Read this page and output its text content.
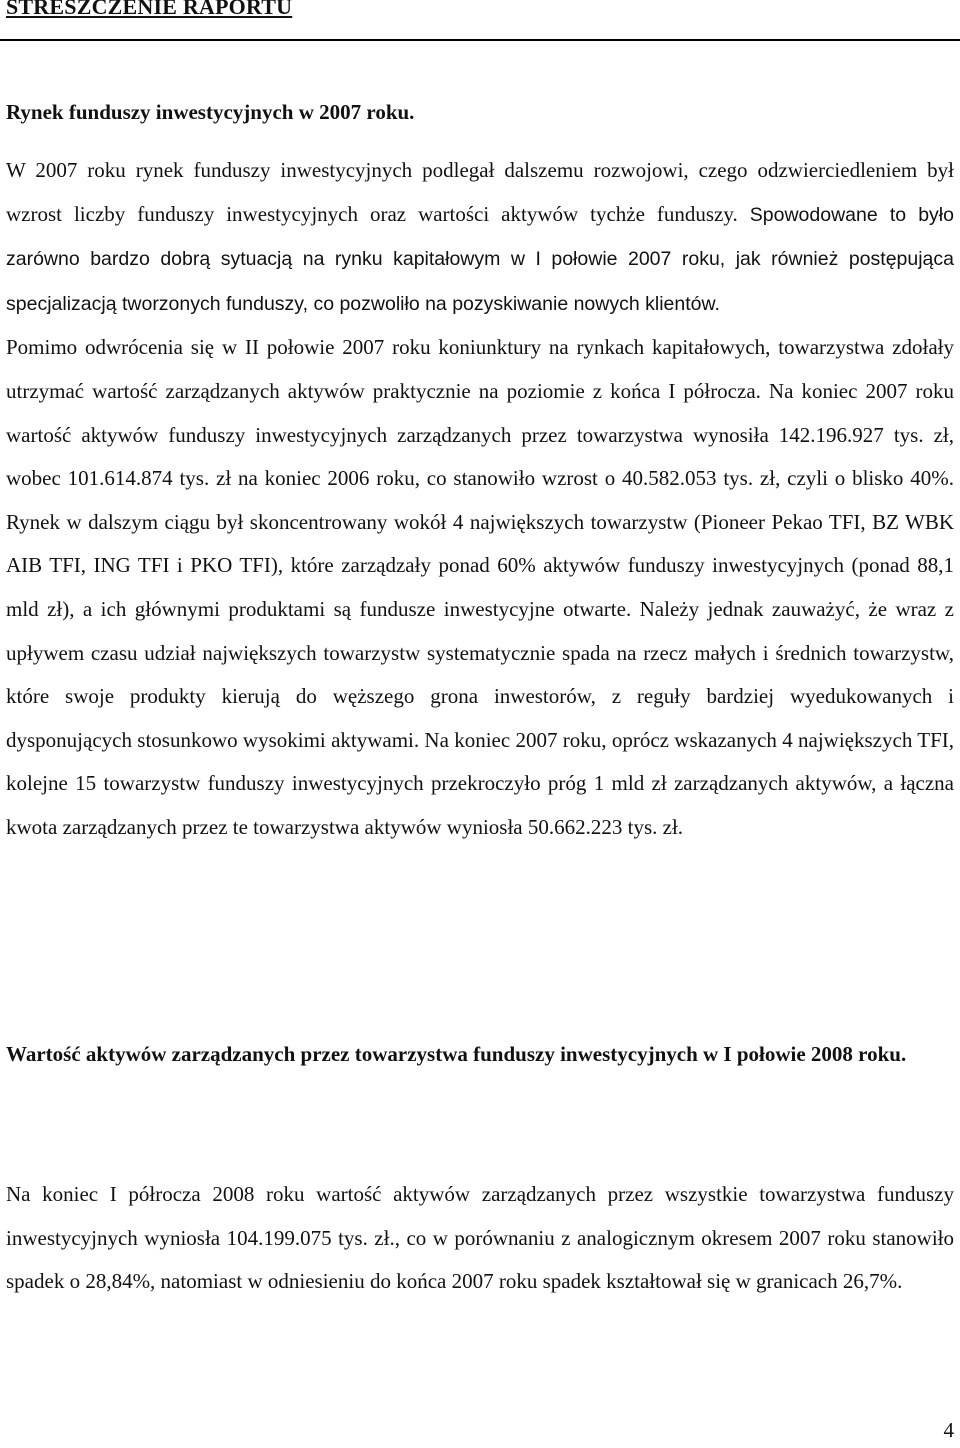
STRESZCZENIE RAPORTU
Rynek funduszy inwestycyjnych w 2007 roku.
W 2007 roku rynek funduszy inwestycyjnych podlegał dalszemu rozwojowi, czego odzwierciedleniem był wzrost liczby funduszy inwestycyjnych oraz wartości aktywów tychże funduszy. Spowodowane to było zarówno bardzo dobrą sytuacją na rynku kapitałowym w I połowie 2007 roku, jak również postępująca specjalizacją tworzonych funduszy, co pozwoliło na pozyskiwanie nowych klientów.
Pomimo odwrócenia się w II połowie 2007 roku koniunktury na rynkach kapitałowych, towarzystwa zdołały utrzymać wartość zarządzanych aktywów praktycznie na poziomie z końca I półrocza. Na koniec 2007 roku wartość aktywów funduszy inwestycyjnych zarządzanych przez towarzystwa wynosiła 142.196.927 tys. zł, wobec 101.614.874 tys. zł na koniec 2006 roku, co stanowiło wzrost o 40.582.053 tys. zł, czyli o blisko 40%. Rynek w dalszym ciągu był skoncentrowany wokół 4 największych towarzystw (Pioneer Pekao TFI, BZ WBK AIB TFI, ING TFI i PKO TFI), które zarządzały ponad 60% aktywów funduszy inwestycyjnych (ponad 88,1 mld zł), a ich głównymi produktami są fundusze inwestycyjne otwarte. Należy jednak zauważyć, że wraz z upływem czasu udział największych towarzystw systematycznie spada na rzecz małych i średnich towarzystw, które swoje produkty kierują do węższego grona inwestorów, z reguły bardziej wyedukowanych i dysponujących stosunkowo wysokimi aktywami. Na koniec 2007 roku, oprócz wskazanych 4 największych TFI, kolejne 15 towarzystw funduszy inwestycyjnych przekroczyło próg 1 mld zł zarządzanych aktywów, a łączna kwota zarządzanych przez te towarzystwa aktywów wyniosła 50.662.223 tys. zł.
Wartość aktywów zarządzanych przez towarzystwa funduszy inwestycyjnych w I połowie 2008 roku.

Na koniec I półrocza 2008 roku wartość aktywów zarządzanych przez wszystkie towarzystwa funduszy inwestycyjnych wyniosła 104.199.075 tys. zł., co w porównaniu z analogicznym okresem 2007 roku stanowiło spadek o 28,84%, natomiast w odniesieniu do końca 2007 roku spadek kształtował się w granicach 26,7%.

4
